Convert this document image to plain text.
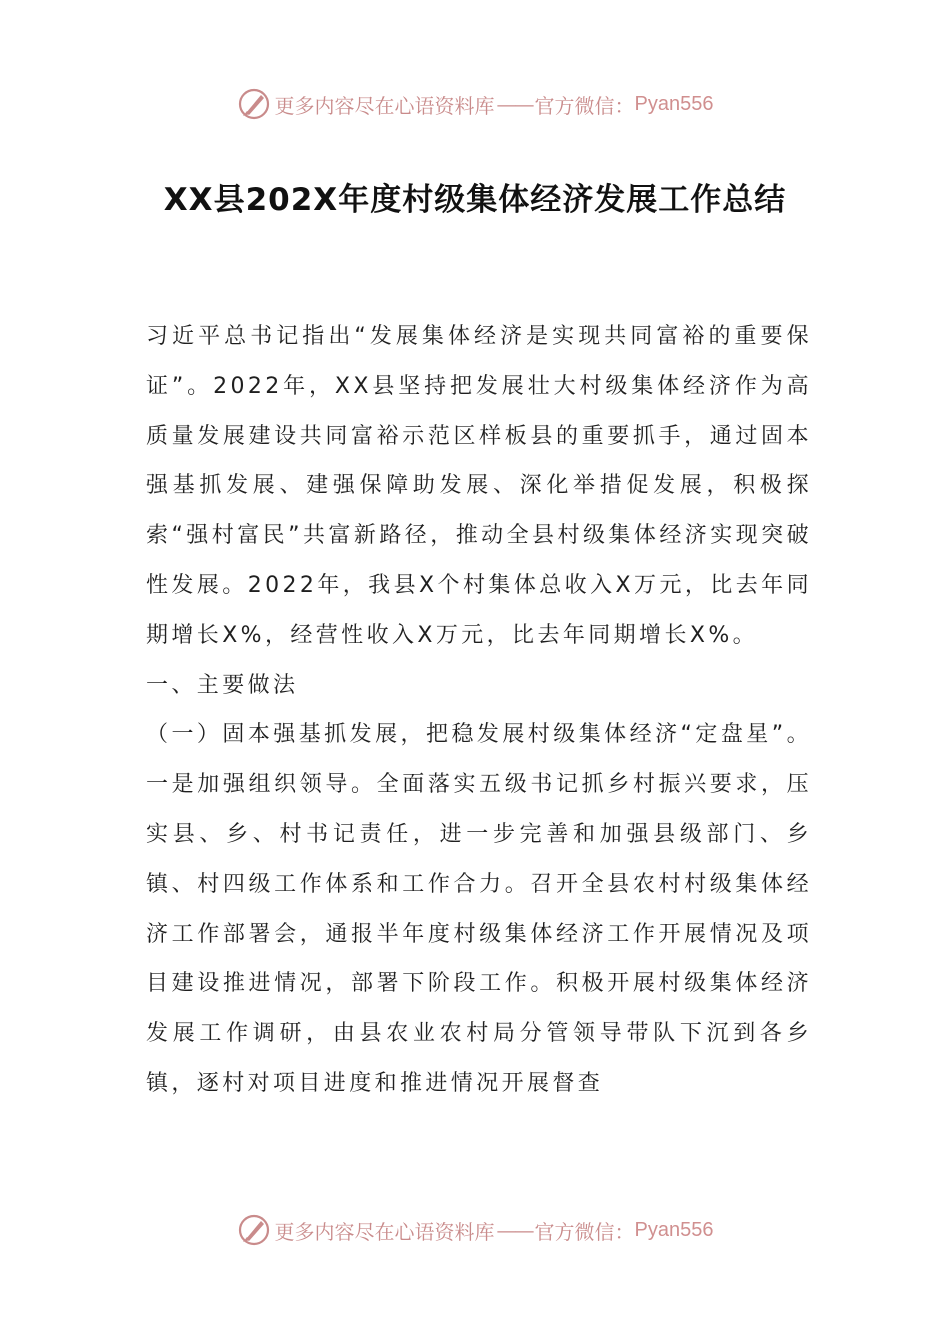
更多内容尽在心语资料库 —— 官方微信： Pyan556
XX县202X年度村级集体经济发展工作总结

习近平总书记指出“发展集体经济是实现共同富裕的重要保证”。2022年，XX县坚持把发展壮大村级集体经济作为高质量发展建设共同富裕示范区样板县的重要抓手，通过固本强基抓发展、建强保障助发展、深化举措促发展，积极探索“强村富民”共富新路径，推动全县村级集体经济实现突破性发展。2022年，我县X个村集体总收入X万元，比去年同期增长X%，经营性收入X万元，比去年同期增长X%。

一、主要做法

（一）固本强基抓发展，把稳发展村级集体经济“定盘星”。一是加强组织领导。全面落实五级书记抓乡村振兴要求，压实县、乡、村书记责任，进一步完善和加强县级部门、乡镇、村四级工作体系和工作合力。召开全县农村村级集体经济工作部署会，通报半年度村级集体经济工作开展情况及项目建设推进情况，部署下阶段工作。积极开展村级集体经济发展工作调研，由县农业农村局分管领导带队下沉到各乡镇，逐村对项目进度和推进情况开展督查

更多内容尽在心语资料库 —— 官方微信： Pyan556
